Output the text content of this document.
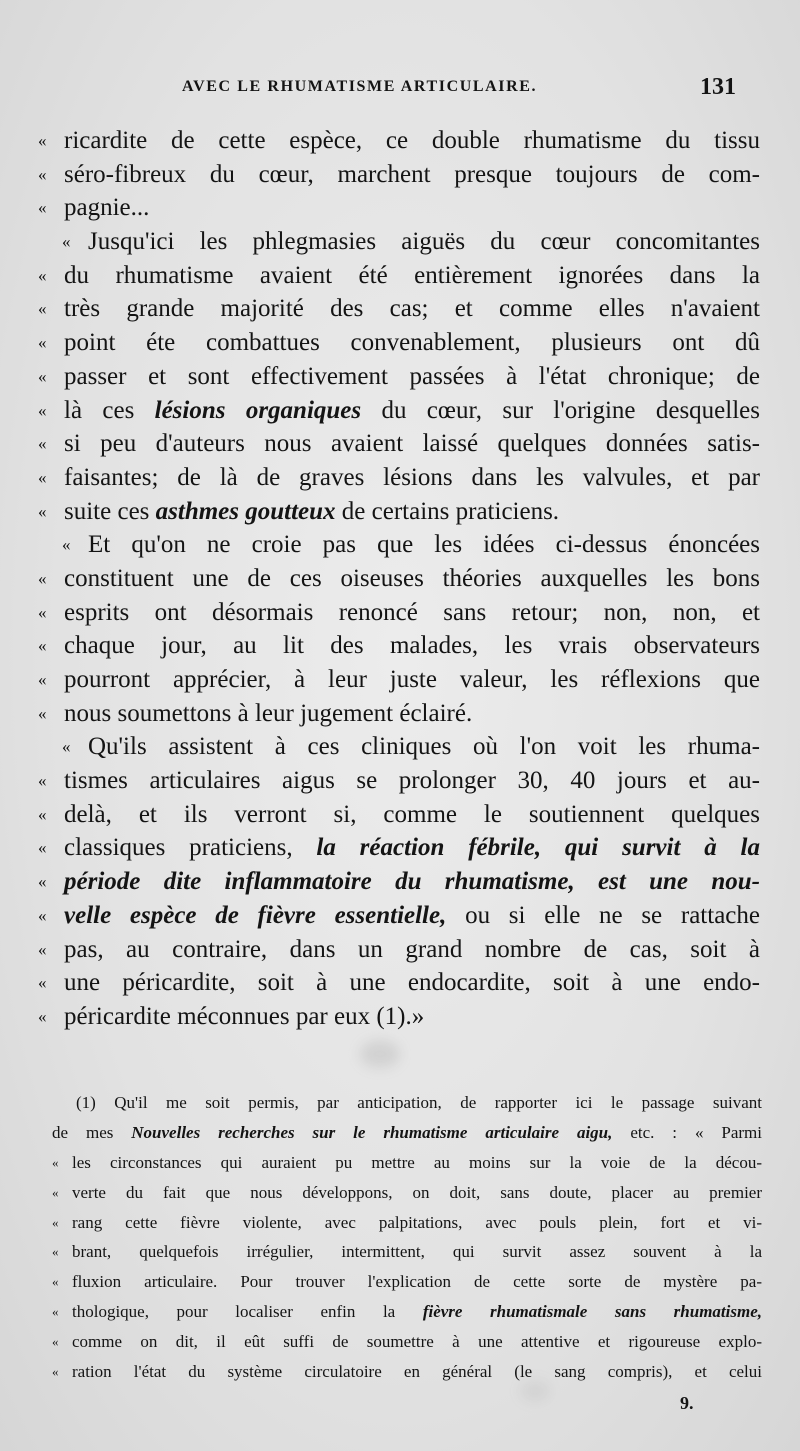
AVEC LE RHUMATISME ARTICULAIRE.	131
« ricardite de cette espèce, ce double rhumatisme du tissu
« séro-fibreux du cœur, marchent presque toujours de com-
« pagnie...
« Jusqu'ici les phlegmasies aiguës du cœur concomitantes
« du rhumatisme avaient été entièrement ignorées dans la
« très grande majorité des cas; et comme elles n'avaient
« point éte combattues convenablement, plusieurs ont dû
« passer et sont effectivement passées à l'état chronique; de
« là ces lésions organiques du cœur, sur l'origine desquelles
« si peu d'auteurs nous avaient laissé quelques données satis-
« faisantes; de là de graves lésions dans les valvules, et par
« suite ces asthmes goutteux de certains praticiens.
« Et qu'on ne croie pas que les idées ci-dessus énoncées
« constituent une de ces oiseuses théories auxquelles les bons
« esprits ont désormais renoncé sans retour; non, non, et
« chaque jour, au lit des malades, les vrais observateurs
« pourront apprécier, à leur juste valeur, les réflexions que
« nous soumettons à leur jugement éclairé.
« Qu'ils assistent à ces cliniques où l'on voit les rhuma-
« tismes articulaires aigus se prolonger 30, 40 jours et au-
« delà, et ils verront si, comme le soutiennent quelques
« classiques praticiens, la réaction fébrile, qui survit à la
« période dite inflammatoire du rhumatisme, est une nou-
« velle espèce de fièvre essentielle, ou si elle ne se rattache
« pas, au contraire, dans un grand nombre de cas, soit à
« une péricardite, soit à une endocardite, soit à une endo-
« péricardite méconnues par eux (1).»
(1) Qu'il me soit permis, par anticipation, de rapporter ici le passage suivant
de mes Nouvelles recherches sur le rhumatisme articulaire aigu, etc. : « Parmi
« les circonstances qui auraient pu mettre au moins sur la voie de la décou-
« verte du fait que nous développons, on doit, sans doute, placer au premier
« rang cette fièvre violente, avec palpitations, avec pouls plein, fort et vi-
« brant, quelquefois irrégulier, intermittent, qui survit assez souvent à la
« fluxion articulaire. Pour trouver l'explication de cette sorte de mystère pa-
« thologique, pour localiser enfin la fièvre rhumatismale sans rhumatisme,
« comme on dit, il eût suffi de soumettre à une attentive et rigoureuse explo-
« ration l'état du système circulatoire en général (le sang compris), et celui
9.
